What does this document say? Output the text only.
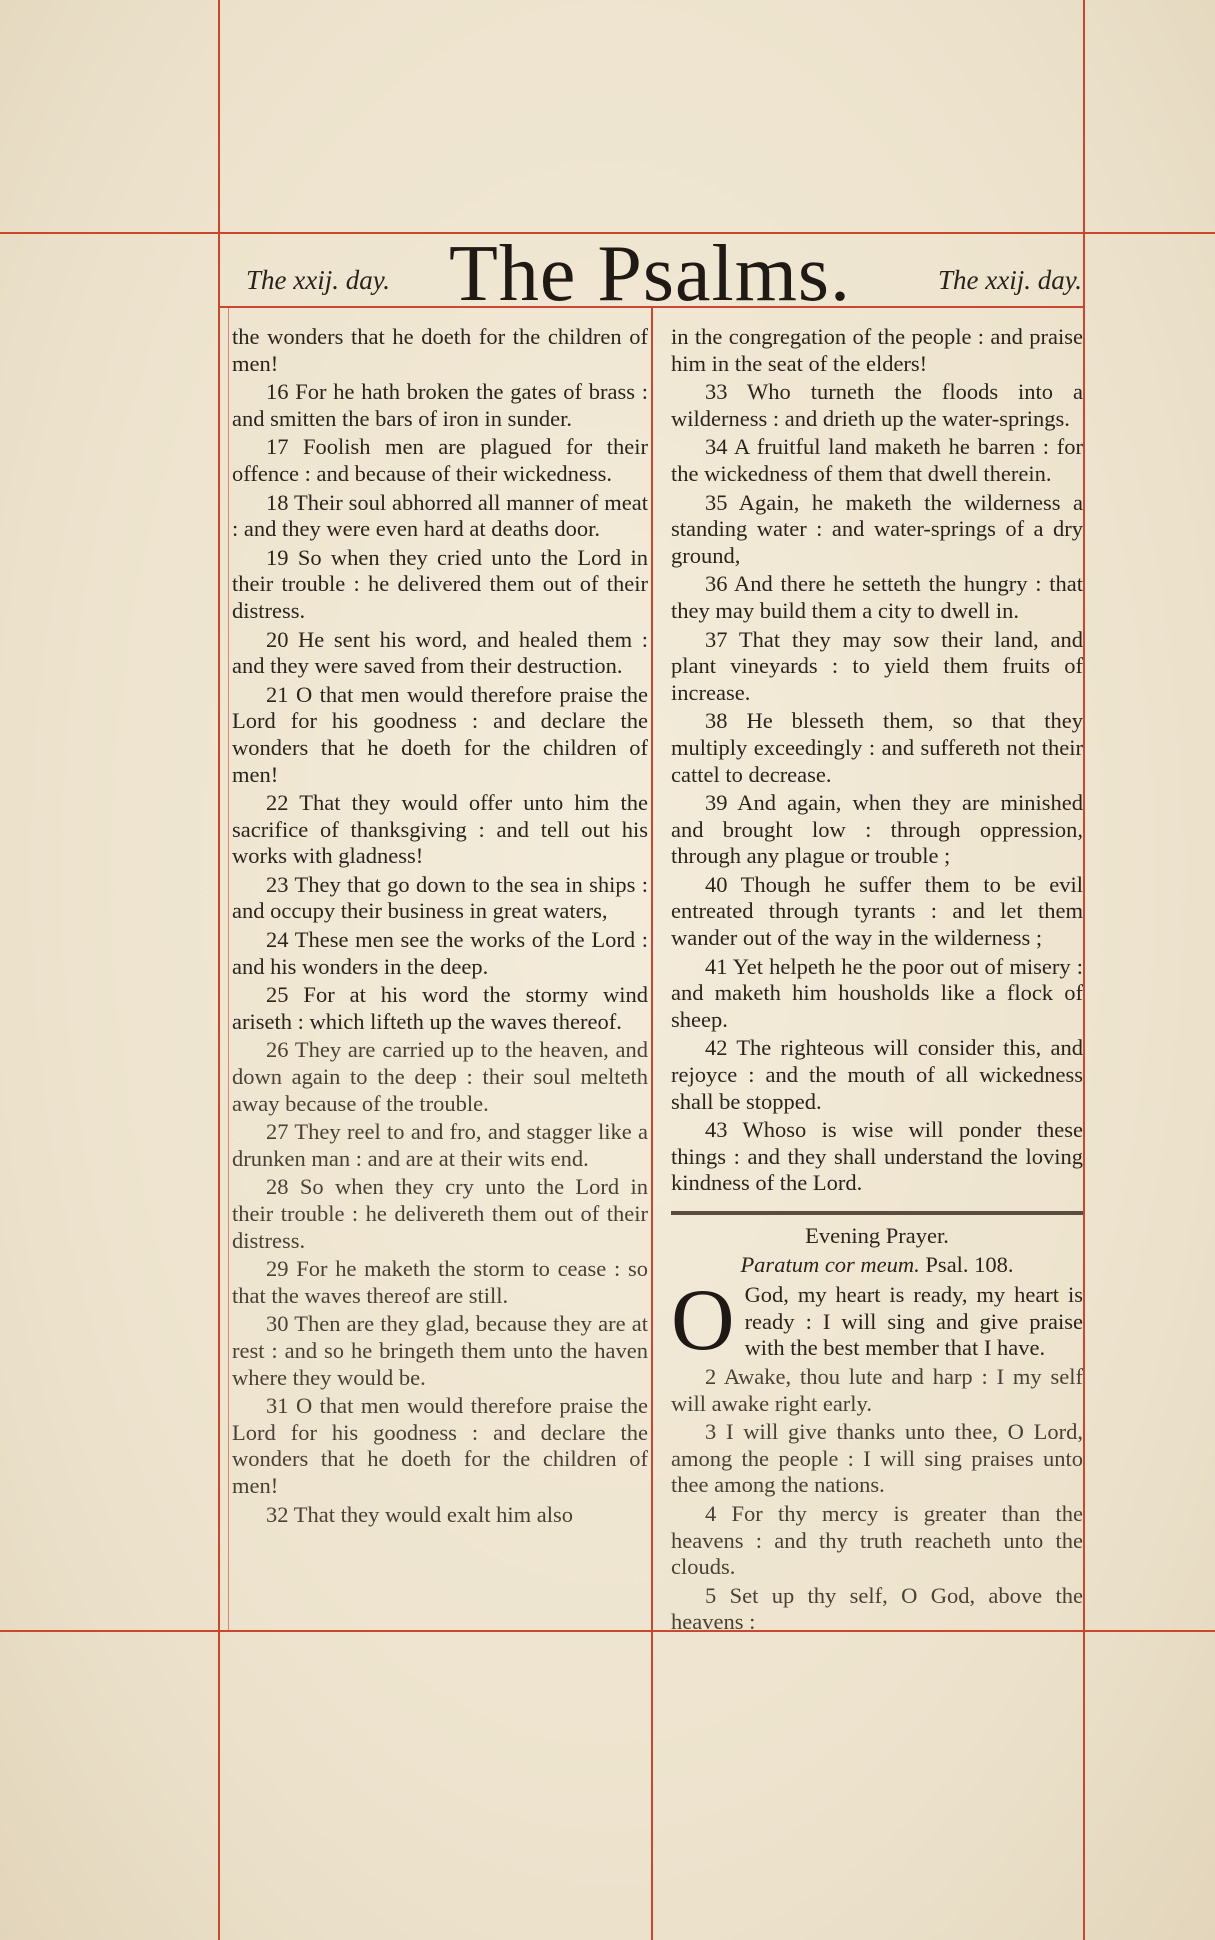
The xxij. day. The Psalms.	The xxij. day.

the wonders that he doeth for the children of men!

16 For he hath broken the gates of brass : and smitten the bars of iron in sunder.

17 Foolish men are plagued for their offence : and because of their wickedness.

18 Their soul abhorred all manner of meat : and they were even hard at deaths door.

19 So when they cried unto the Lord in their trouble : he delivered them out of their distress.

20 He sent his word, and healed them : and they were saved from their destruction.

21 O that men would therefore praise the Lord for his goodness : and declare the wonders that he doeth for the children of men!

22 That they would offer unto him the sacrifice of thanksgiving : and tell out his works with gladness!

23 They that go down to the sea in ships : and occupy their business in great waters,

24 These men see the works of the Lord : and his wonders in the deep.

25 For at his word the stormy wind ariseth : which lifteth up the waves thereof.

26 They are carried up to the heaven, and down again to the deep : their soul melteth away because of the trouble.

27 They reel to and fro, and stagger like a drunken man : and are at their wits end.

28 So when they cry unto the Lord in their trouble : he delivereth them out of their distress.

29 For he maketh the storm to cease : so that the waves thereof are still.

30 Then are they glad, because they are at rest : and so he bringeth them unto the haven where they would be.

31 O that men would therefore praise the Lord for his goodness : and declare the wonders that he doeth for the children of men!

32 That they would exalt him also

in the congregation of the people : and praise him in the seat of the elders!

33 Who turneth the floods into a wilderness : and drieth up the water-springs.

34 A fruitful land maketh he barren : for the wickedness of them that dwell therein.

35 Again, he maketh the wilderness a standing water : and water-springs of a dry ground,

36 And there he setteth the hungry : that they may build them a city to dwell in.

37 That they may sow their land, and plant vineyards : to yield them fruits of increase.

38 He blesseth them, so that they multiply exceedingly : and suffereth not their cattel to decrease.

39 And again, when they are minished and brought low : through oppression, through any plague or trouble ;

40 Though he suffer them to be evil entreated through tyrants : and let them wander out of the way in the wilderness ;

41 Yet helpeth he the poor out of misery : and maketh him housholds like a flock of sheep.

42 The righteous will consider this, and rejoyce : and the mouth of all wickedness shall be stopped.

43 Whoso is wise will ponder these things : and they shall understand the loving kindness of the Lord.

Evening Prayer.
Paratum cor meum. Psal. 108.

O God, my heart is ready, my heart is ready : I will sing and give praise with the best member that I have.

2 Awake, thou lute and harp : I my self will awake right early.

3 I will give thanks unto thee, O Lord, among the people : I will sing praises unto thee among the nations.

4 For thy mercy is greater than the heavens : and thy truth reacheth unto the clouds.

5 Set up thy self, O God, above the heavens :
